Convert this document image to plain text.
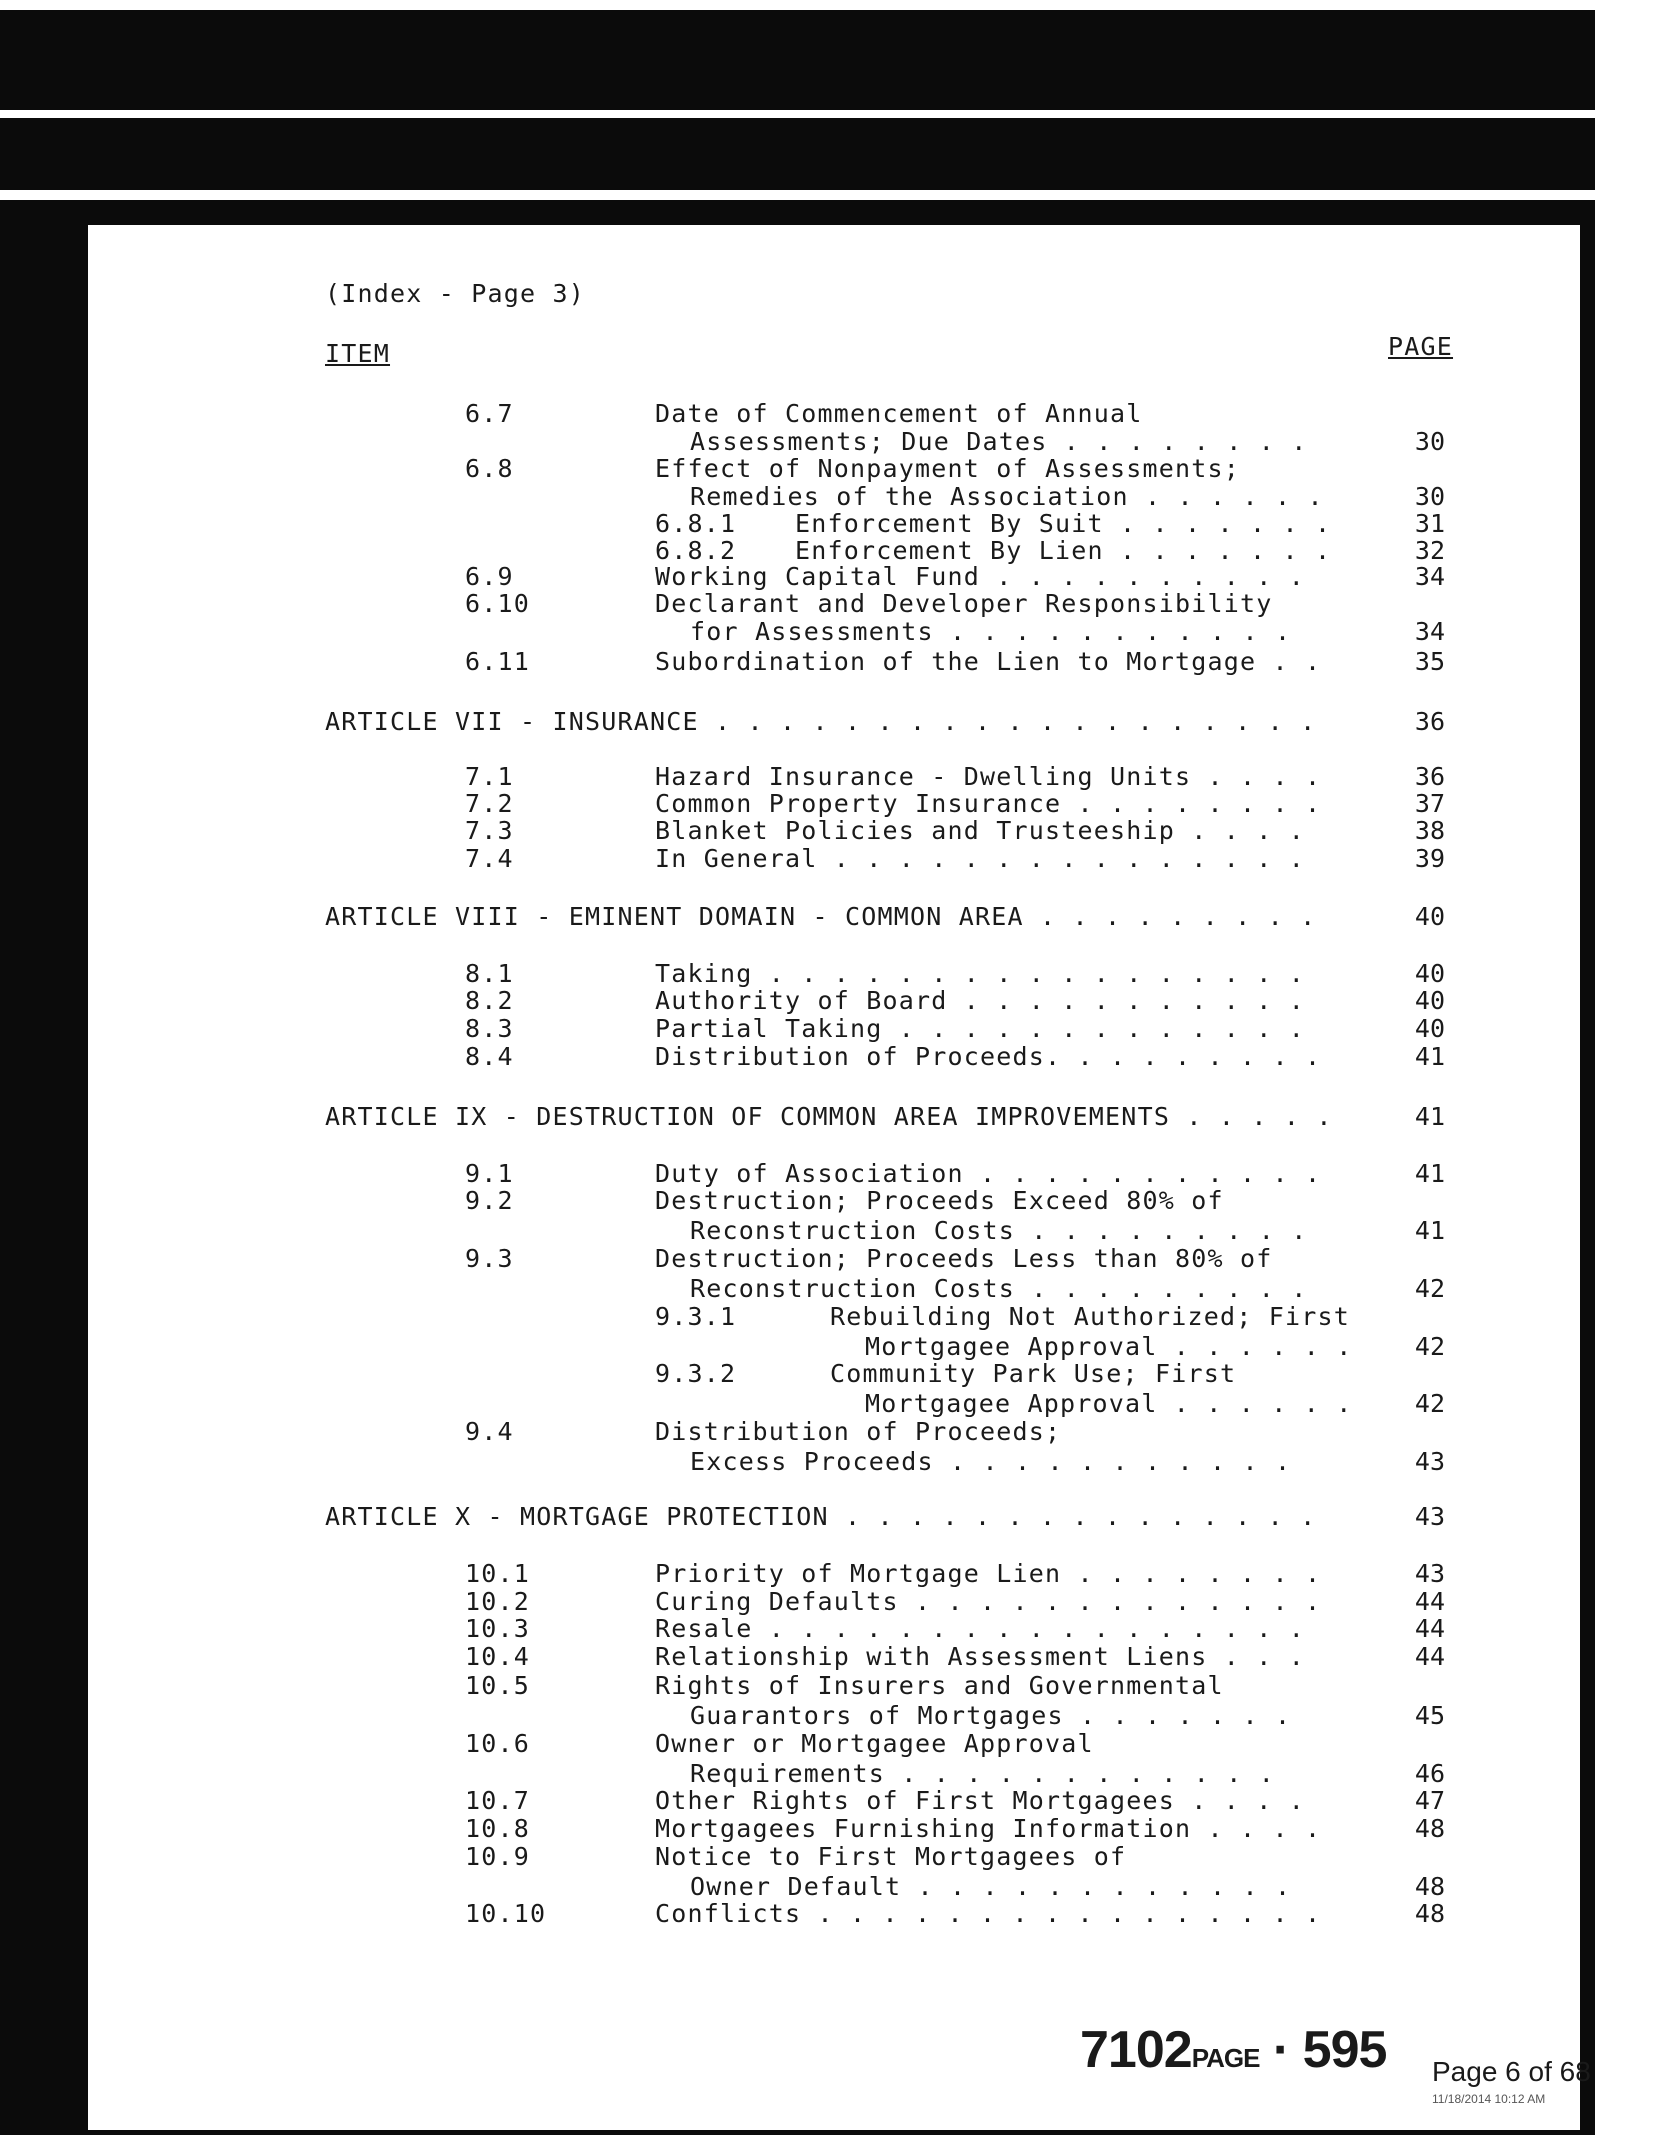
(Index - Page 3)
ITEM	PAGE
6.7	Date of Commencement of Annual
Assessments; Due Dates . . . . . . . .	30
6.8	Effect of Nonpayment of Assessments;
Remedies of the Association . . . . . .	30
6.8.1 Enforcement By Suit . . . . . . .	31
6.8.2 Enforcement By Lien . . . . . . .	32
6.9	Working Capital Fund . . . . . . . . . .	34
6.10	Declarant and Developer Responsibility
for Assessments . . . . . . . . . . .	34
6.11	Subordination of the Lien to Mortgage . .	35
ARTICLE VII - INSURANCE . . . . . . . . . . . . . . . . . . .	36
7.1	Hazard Insurance - Dwelling Units . . . .	36
7.2	Common Property Insurance . . . . . . . .	37
7.3	Blanket Policies and Trusteeship . . . .	38
7.4	In General . . . . . . . . . . . . . . .	39
ARTICLE VIII - EMINENT DOMAIN - COMMON AREA . . . . . . . . .	40
8.1	Taking . . . . . . . . . . . . . . . . .	40
8.2	Authority of Board . . . . . . . . . . .	40
8.3	Partial Taking . . . . . . . . . . . . .	40
8.4	Distribution of Proceeds. . . . . . . . .	41
ARTICLE IX - DESTRUCTION OF COMMON AREA IMPROVEMENTS . . . . .	41
9.1	Duty of Association . . . . . . . . . . .	41
9.2	Destruction; Proceeds Exceed 80% of
Reconstruction Costs . . . . . . . . .	41
9.3	Destruction; Proceeds Less than 80% of
Reconstruction Costs . . . . . . . . .	42
9.3.1	Rebuilding Not Authorized; First
Mortgagee Approval . . . . . .	42
9.3.2	Community Park Use; First
Mortgagee Approval . . . . . .	42
9.4	Distribution of Proceeds;
Excess Proceeds . . . . . . . . . . .	43
ARTICLE X - MORTGAGE PROTECTION . . . . . . . . . . . . . . .	43
10.1	Priority of Mortgage Lien . . . . . . . .	43
10.2	Curing Defaults . . . . . . . . . . . . .	44
10.3	Resale . . . . . . . . . . . . . . . . .	44
10.4	Relationship with Assessment Liens . . .	44
10.5	Rights of Insurers and Governmental
Guarantors of Mortgages . . . . . . .	45
10.6	Owner or Mortgagee Approval
Requirements . . . . . . . . . . . .	46
10.7	Other Rights of First Mortgagees . . . .	47
10.8	Mortgagees Furnishing Information . . . .	48
10.9	Notice to First Mortgagees of
Owner Default . . . . . . . . . . . .	48
10.10	Conflicts . . . . . . . . . . . . . . . .	48
7102PAGE · 595 Page 6 of 68
11/18/2014 10:12 AM
